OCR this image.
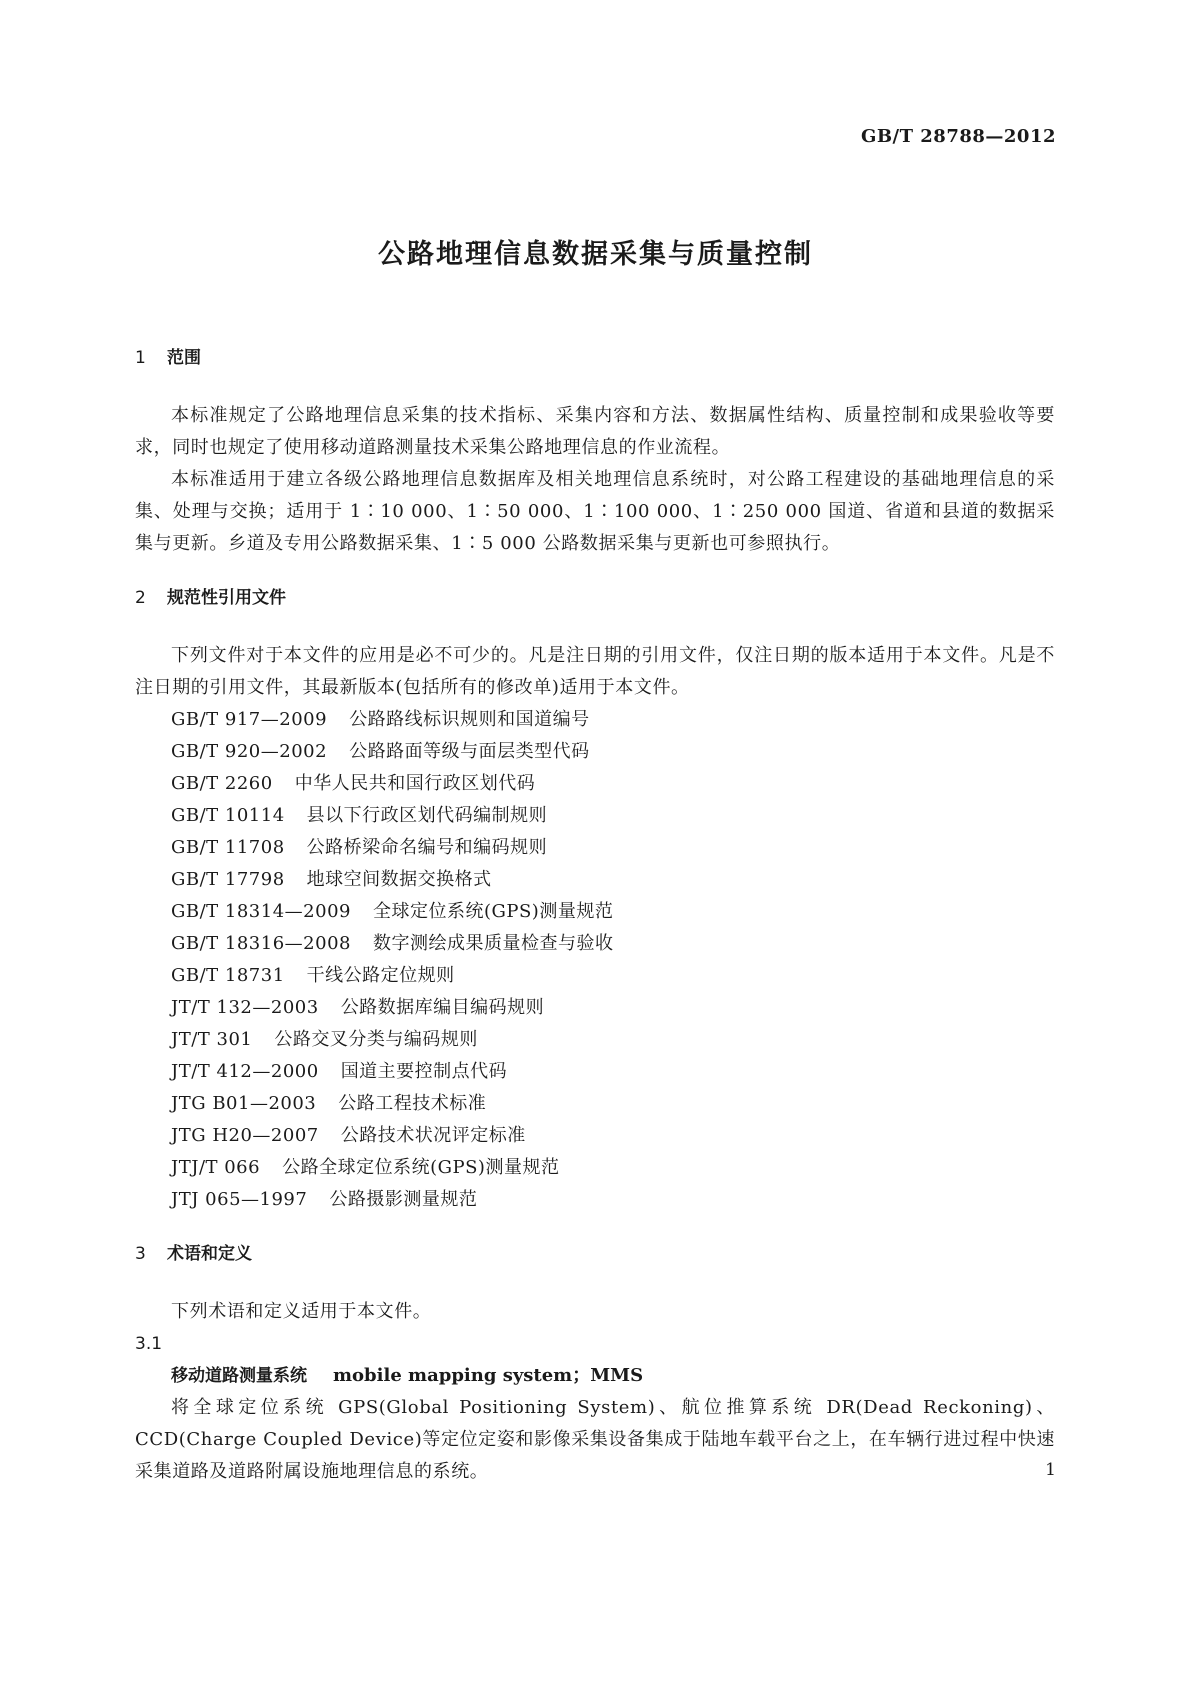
GB/T 28788—2012
公路地理信息数据采集与质量控制
1 范围

本标准规定了公路地理信息采集的技术指标、采集内容和方法、数据属性结构、质量控制和成果验收等要求，同时也规定了使用移动道路测量技术采集公路地理信息的作业流程。

本标准适用于建立各级公路地理信息数据库及相关地理信息系统时，对公路工程建设的基础地理信息的采集、处理与交换；适用于 1∶10 000、1∶50 000、1∶100 000、1∶250 000 国道、省道和县道的数据采集与更新。乡道及专用公路数据采集、1∶5 000 公路数据采集与更新也可参照执行。

2 规范性引用文件

下列文件对于本文件的应用是必不可少的。凡是注日期的引用文件，仅注日期的版本适用于本文件。凡是不注日期的引用文件，其最新版本(包括所有的修改单)适用于本文件。

GB/T 917—2009 公路路线标识规则和国道编号

GB/T 920—2002 公路路面等级与面层类型代码

GB/T 2260 中华人民共和国行政区划代码

GB/T 10114 县以下行政区划代码编制规则

GB/T 11708 公路桥梁命名编号和编码规则

GB/T 17798 地球空间数据交换格式

GB/T 18314—2009 全球定位系统(GPS)测量规范

GB/T 18316—2008 数字测绘成果质量检查与验收

GB/T 18731 干线公路定位规则

JT/T 132—2003 公路数据库编目编码规则

JT/T 301 公路交叉分类与编码规则

JT/T 412—2000 国道主要控制点代码

JTG B01—2003 公路工程技术标准

JTG H20—2007 公路技术状况评定标准

JTJ/T 066 公路全球定位系统(GPS)测量规范

JTJ 065—1997 公路摄影测量规范

3 术语和定义

下列术语和定义适用于本文件。

3.1

移动道路测量系统 mobile mapping system；MMS

将全球定位系统 GPS(Global Positioning System)、航位推算系统 DR(Dead Reckoning)、CCD(Charge Coupled Device)等定位定姿和影像采集设备集成于陆地车载平台之上，在车辆行进过程中快速采集道路及道路附属设施地理信息的系统。	1
